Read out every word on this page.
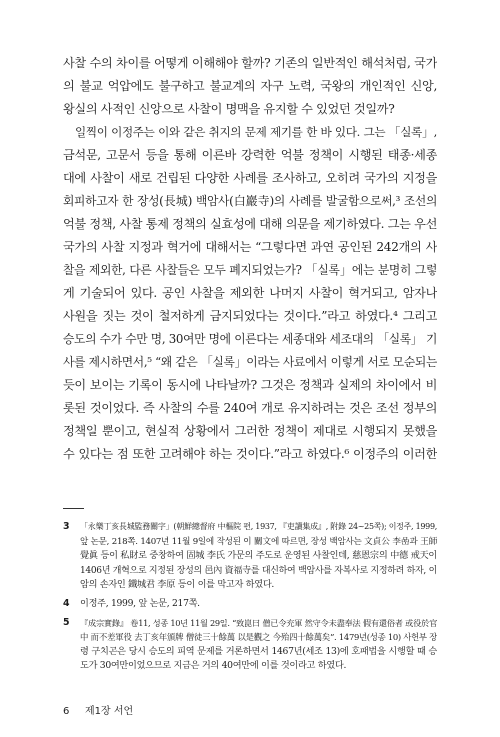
사찰 수의 차이를 어떻게 이해해야 할까? 기존의 일반적인 해석처럼, 국가
의 불교 억압에도 불구하고 불교계의 자구 노력, 국왕의 개인적인 신앙,
왕실의 사적인 신앙으로 사찰이 명맥을 유지할 수 있었던 것일까?
일찍이 이정주는 이와 같은 취지의 문제 제기를 한 바 있다. 그는 「실록」,
금석문, 고문서 등을 통해 이른바 강력한 억불 정책이 시행된 태종·세종
대에 사찰이 새로 건립된 다양한 사례를 조사하고, 오히려 국가의 지정을
회피하고자 한 장성(長城) 백암사(白巖寺)의 사례를 발굴함으로써,³ 조선의
억불 정책, 사찰 통제 정책의 실효성에 대해 의문을 제기하였다. 그는 우선
국가의 사찰 지정과 혁거에 대해서는 “그렇다면 과연 공인된 242개의 사
찰을 제외한, 다른 사찰들은 모두 폐지되었는가? 「실록」에는 분명히 그렇
게 기술되어 있다. 공인 사찰을 제외한 나머지 사찰이 혁거되고, 암자나
사원을 짓는 것이 철저하게 금지되었다는 것이다.”라고 하였다.⁴ 그리고
승도의 수가 수만 명, 30여만 명에 이른다는 세종대와 세조대의 「실록」 기
사를 제시하면서,⁵ “왜 같은 「실록」이라는 사료에서 이렇게 서로 모순되는
듯이 보이는 기록이 동시에 나타날까? 그것은 정책과 실제의 차이에서 비
롯된 것이었다. 즉 사찰의 수를 240여 개로 유지하려는 것은 조선 정부의
정책일 뿐이고, 현실적 상황에서 그러한 정책이 제대로 시행되지 못했을
수 있다는 점 또한 고려해야 하는 것이다.”라고 하였다.⁶ 이정주의 이러한
3	「永樂丁亥長城監務關字」(朝鮮總督府 中樞院 편, 1937, 『吏讀集成』, 附錄 24~25쪽); 이정주, 1999,
앞 논문, 218쪽. 1407년 11월 9일에 작성된 이 關文에 따르면, 장성 백암사는 文貞公 李嵒과 王師
覺眞 등이 私財로 중창하여 固城 李氏 가문의 주도로 운영된 사찰인데, 慈恩宗의 中德 戒天이
1406년 개혁으로 지정된 장성의 邑內 資福寺를 대신하여 백암사를 자복사로 지정하려 하자, 이
암의 손자인 鐵城君 李原 등이 이를 막고자 하였다.
4	이정주, 1999, 앞 논문, 217쪽.
5	『成宗實錄』 卷11, 성종 10년 11월 29일. “致崑曰 僧已令充軍 然守令未盡奉法 假有還俗者 或役於官
中 而不差軍役 去丁亥年頒牌 僧徒三十餘萬 以是觀之 今殆四十餘萬矣”. 1479년(성종 10) 사헌부 장
령 구치곤은 당시 승도의 피역 문제를 거론하면서 1467년(세조 13)에 호패법을 시행할 때 승
도가 30여만이었으므로 지금은 거의 40여만에 이를 것이라고 하였다.
6 제1장 서언
